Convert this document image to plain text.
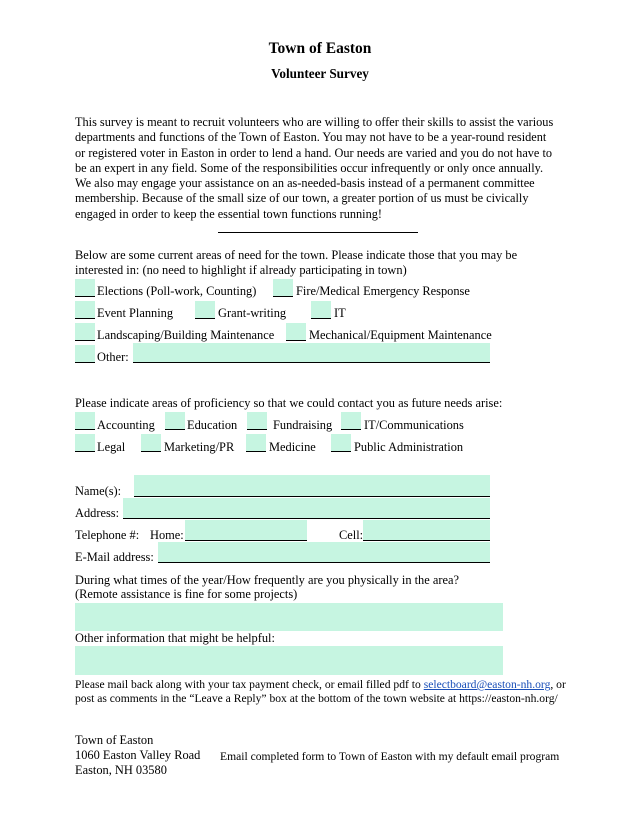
Town of Easton
Volunteer Survey
This survey is meant to recruit volunteers who are willing to offer their skills to assist the various
departments and functions of the Town of Easton. You may not have to be a year-round resident
or registered voter in Easton in order to lend a hand. Our needs are varied and you do not have to
be an expert in any field. Some of the responsibilities occur infrequently or only once annually.
We also may engage your assistance on an as-needed-basis instead of a permanent committee
membership. Because of the small size of our town, a greater portion of us must be civically
engaged in order to keep the essential town functions running!
Below are some current areas of need for the town. Please indicate those that you may be
interested in: (no need to highlight if already participating in town)
Elections (Poll-work, Counting)	Fire/Medical Emergency Response
Event Planning	Grant-writing	IT
Landscaping/Building Maintenance	Mechanical/Equipment Maintenance
Other:
Please indicate areas of proficiency so that we could contact you as future needs arise:
Accounting	Education	Fundraising	IT/Communications
Legal	Marketing/PR	Medicine	Public Administration
Name(s):
Address:
Telephone #: Home:	Cell:
E-Mail address:
During what times of the year/How frequently are you physically in the area?
(Remote assistance is fine for some projects)
Other information that might be helpful:
Please mail back along with your tax payment check, or email filled pdf to selectboard@easton-nh.org, or
post as comments in the “Leave a Reply” box at the bottom of the town website at https://easton-nh.org/
Town of Easton
1060 Easton Valley Road
Easton, NH 03580
Email completed form to Town of Easton with my default email program
